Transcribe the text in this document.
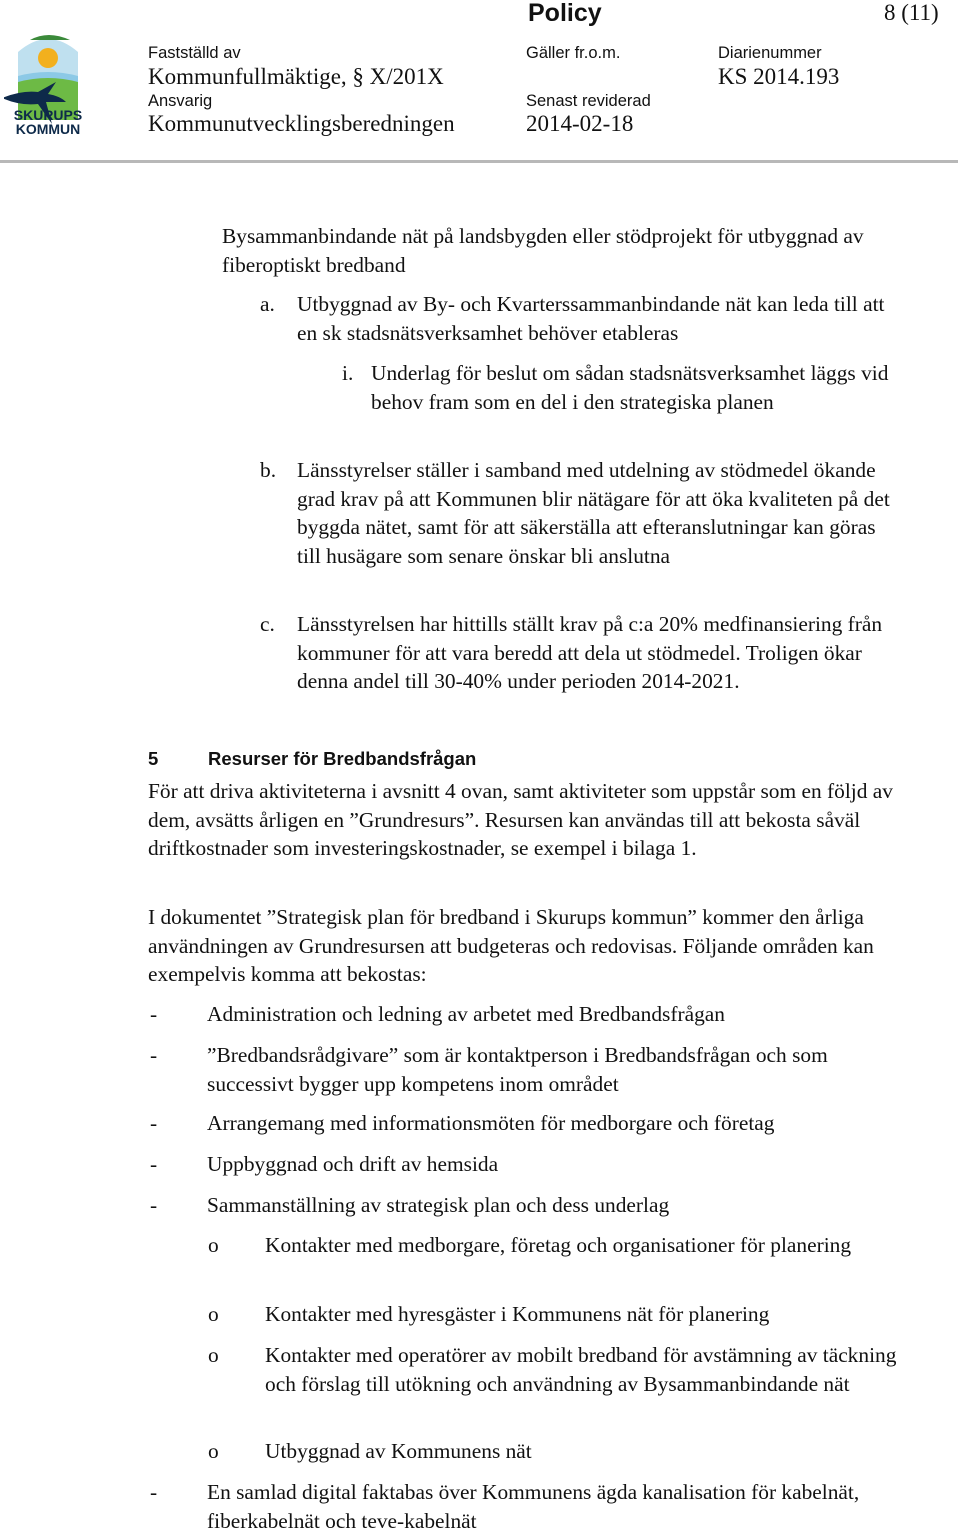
SKURUPS
KOMMUN
Policy	8 (11)
Fastställd av
Kommunfullmäktige, § X/201X
Gäller fr.o.m.	Diarienummer
KS 2014.193
Ansvarig
Kommunutvecklingsberedningen
Senast reviderad
2014-02-18
Bysammanbindande nät på landsbygden eller stödprojekt för utbyggnad av fiberoptiskt bredband
a. Utbyggnad av By- och Kvarterssammanbindande nät kan leda till att en sk stadsnätsverksamhet behöver etableras
i. Underlag för beslut om sådan stadsnätsverksamhet läggs vid behov fram som en del i den strategiska planen
b. Länsstyrelser ställer i samband med utdelning av stödmedel ökande grad krav på att Kommunen blir nätägare för att öka kvaliteten på det byggda nätet, samt för att säkerställa att efteranslutningar kan göras till husägare som senare önskar bli anslutna
c. Länsstyrelsen har hittills ställt krav på c:a 20% medfinansiering från kommuner för att vara beredd att dela ut stödmedel. Troligen ökar denna andel till 30-40% under perioden 2014-2021.
5	Resurser för Bredbandsfrågan
För att driva aktiviteterna i avsnitt 4 ovan, samt aktiviteter som uppstår som en följd av dem, avsätts årligen en ”Grundresurs”. Resursen kan användas till att bekosta såväl driftkostnader som investeringskostnader, se exempel i bilaga 1.
I dokumentet ”Strategisk plan för bredband i Skurups kommun” kommer den årliga användningen av Grundresursen att budgeteras och redovisas. Följande områden kan exempelvis komma att bekostas:
- Administration och ledning av arbetet med Bredbandsfrågan
- ”Bredbandsrådgivare” som är kontaktperson i Bredbandsfrågan och som successivt bygger upp kompetens inom området
- Arrangemang med informationsmöten för medborgare och företag
- Uppbyggnad och drift av hemsida
- Sammanställning av strategisk plan och dess underlag
o Kontakter med medborgare, företag och organisationer för planering
o Kontakter med hyresgäster i Kommunens nät för planering
o Kontakter med operatörer av mobilt bredband för avstämning av täckning och förslag till utökning och användning av Bysammanbindande nät
o Utbyggnad av Kommunens nät
- En samlad digital faktabas över Kommunens ägda kanalisation för kabelnät, fiberkabelnät och teve-kabelnät
